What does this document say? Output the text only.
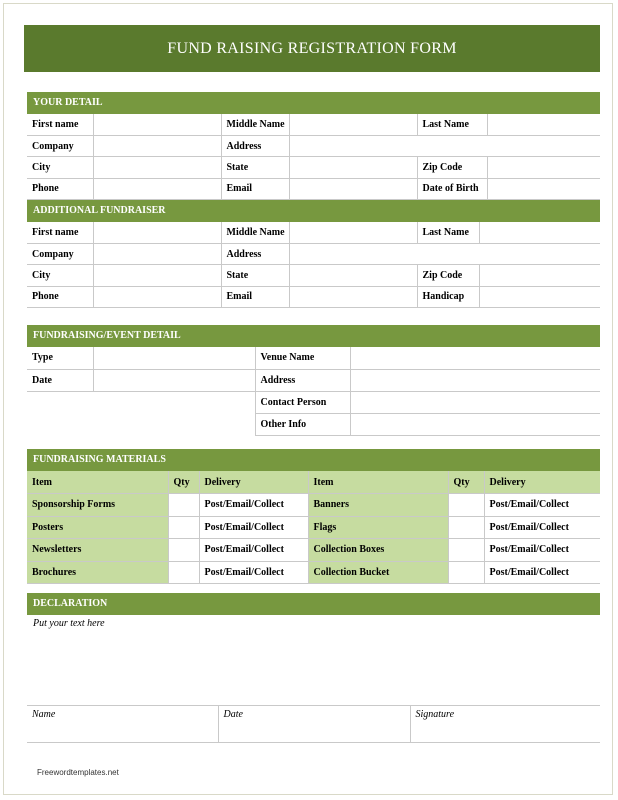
FUND RAISING REGISTRATION FORM
YOUR DETAIL
First name		Middle Name		Last Name	
Company		Address			
City		State		Zip Code	
Phone		Email		Date of Birth	
ADDITIONAL FUNDRAISER
First name		Middle Name		Last Name	
Company		Address			
City		State		Zip Code	
Phone		Email		Handicap	
FUNDRAISING/EVENT DETAIL
Type		Venue Name	
Date		Address	
		Contact Person	
		Other Info	
FUNDRAISING MATERIALS
Item	Qty	Delivery	Item	Qty	Delivery
Sponsorship Forms		Post/Email/Collect	Banners		Post/Email/Collect
Posters		Post/Email/Collect	Flags		Post/Email/Collect
Newsletters		Post/Email/Collect	Collection Boxes		Post/Email/Collect
Brochures		Post/Email/Collect	Collection Bucket		Post/Email/Collect
DECLARATION
Put your text here
Name	Date	Signature
Freewordtemplates.net
